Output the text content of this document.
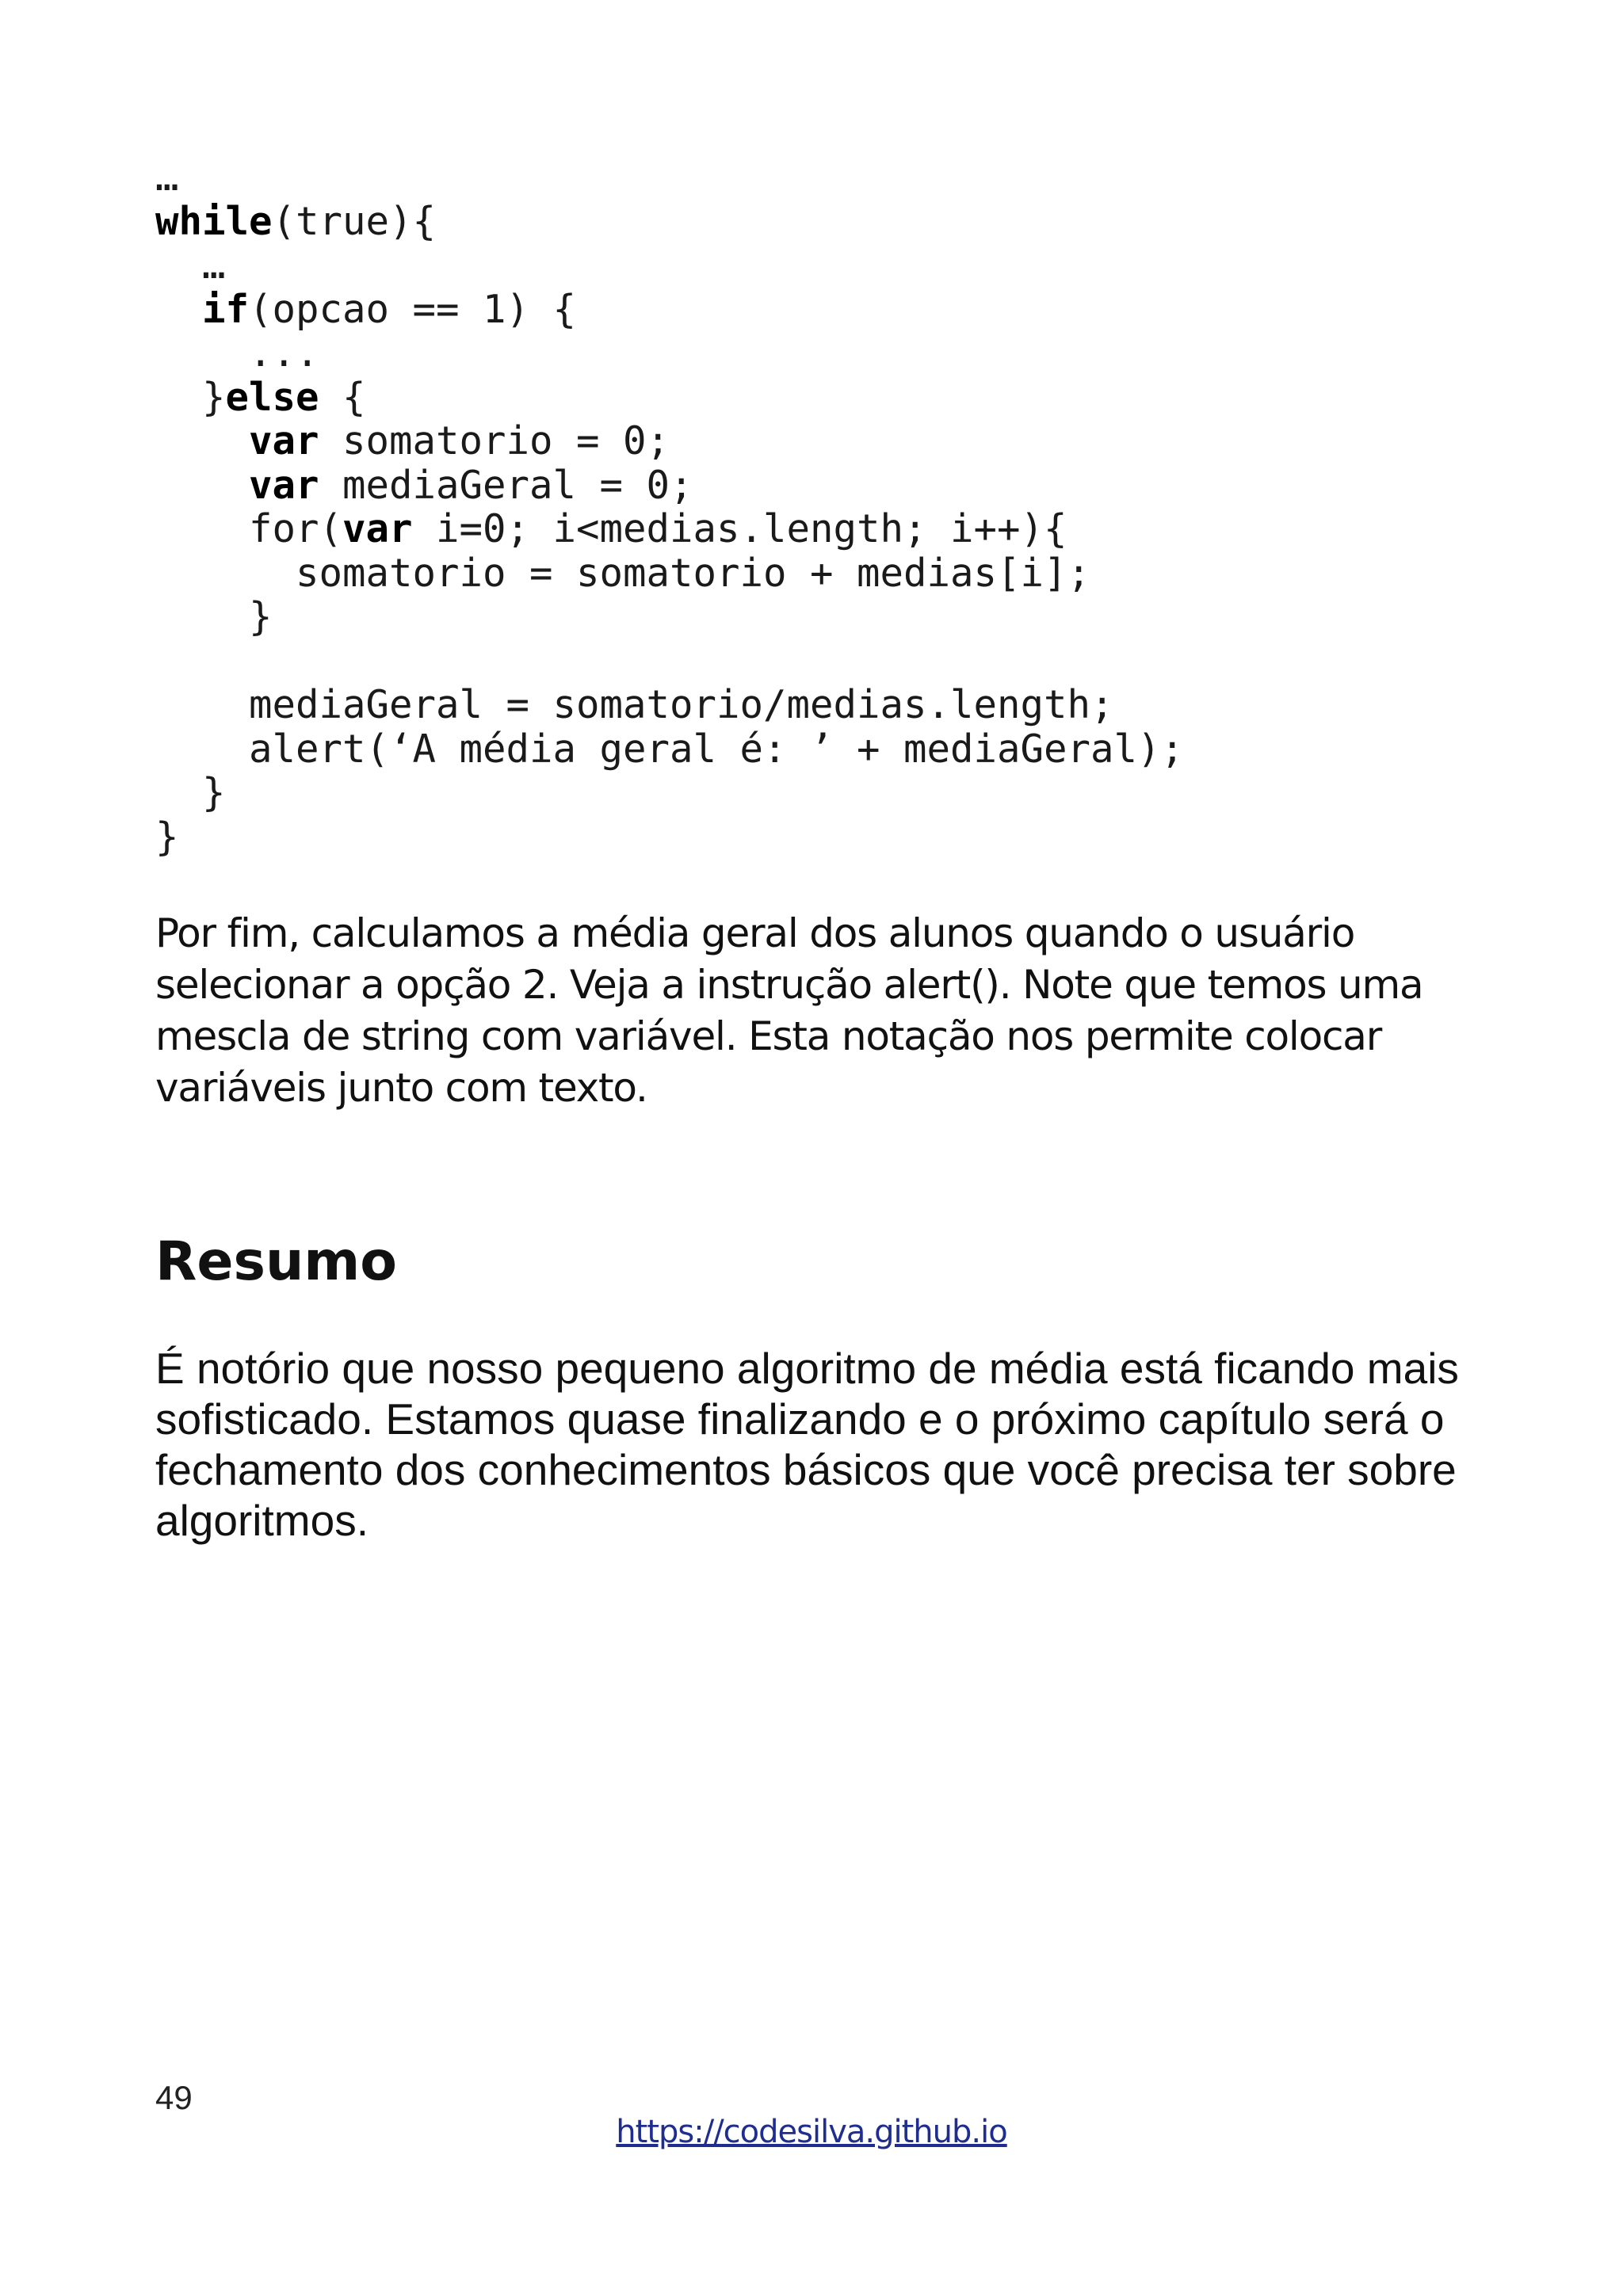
…
while(true){
…
if(opcao == 1) {
...
}else {
var somatorio = 0;
var mediaGeral = 0;
for(var i=0; i<medias.length; i++){
somatorio = somatorio + medias[i];
}
mediaGeral = somatorio/medias.length;
alert(‘A média geral é: ’ + mediaGeral);
}
}

Por fim, calculamos a média geral dos alunos quando o usuário selecionar a opção 2. Veja a instrução alert(). Note que temos uma mescla de string com variável. Esta notação nos permite colocar variáveis junto com texto.

Resumo

É notório que nosso pequeno algoritmo de média está ficando mais sofisticado. Estamos quase finalizando e o próximo capítulo será o fechamento dos conhecimentos básicos que você precisa ter sobre algoritmos.

49
https://codesilva.github.io
